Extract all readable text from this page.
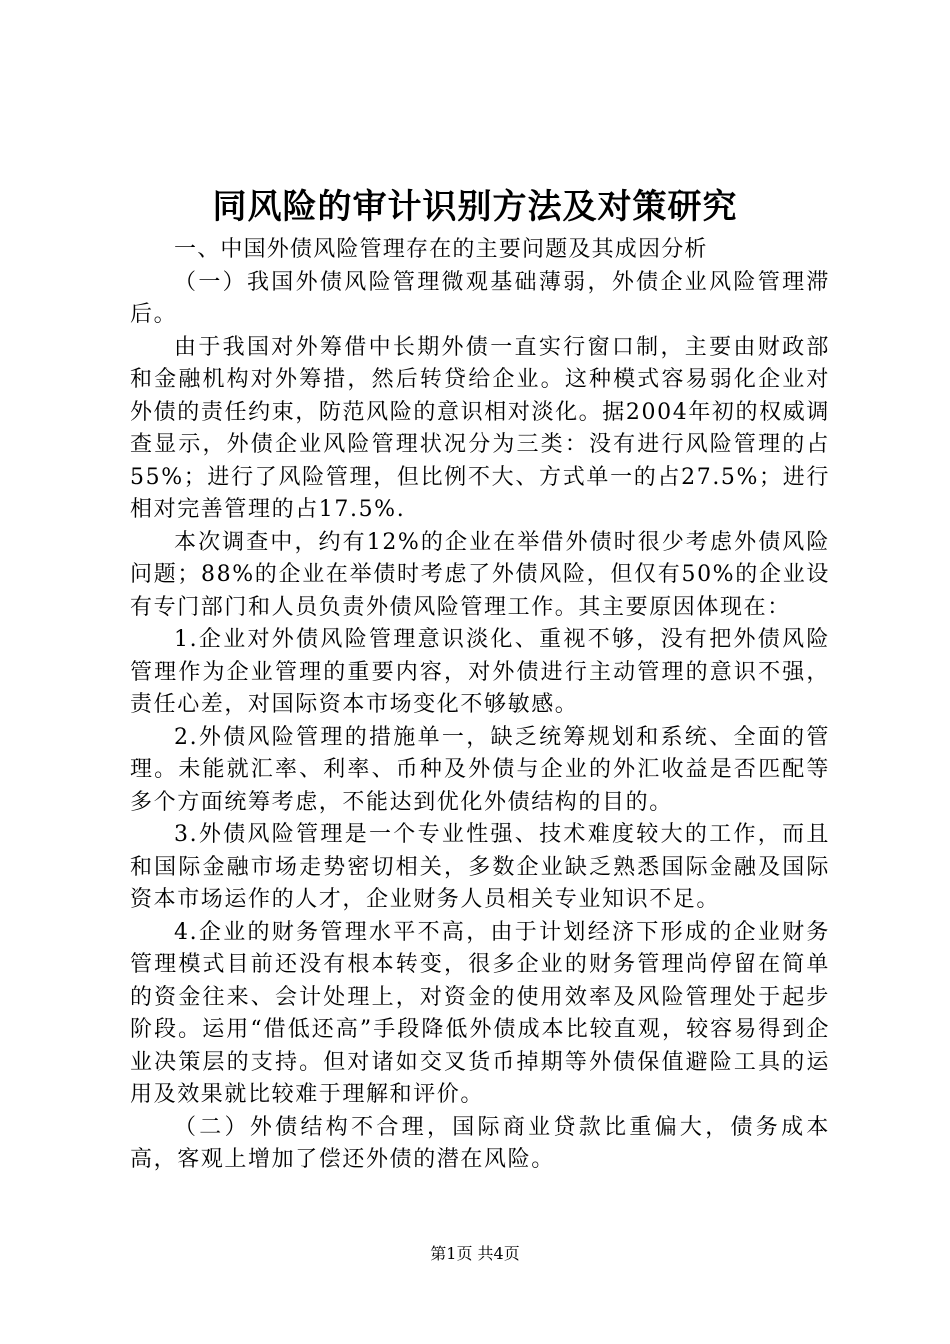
同风险的审计识别方法及对策研究

一、中国外债风险管理存在的主要问题及其成因分析

（一）我国外债风险管理微观基础薄弱，外债企业风险管理滞后。

由于我国对外筹借中长期外债一直实行窗口制，主要由财政部和金融机构对外筹措，然后转贷给企业。这种模式容易弱化企业对外债的责任约束，防范风险的意识相对淡化。据2004年初的权威调查显示，外债企业风险管理状况分为三类：没有进行风险管理的占55%；进行了风险管理，但比例不大、方式单一的占27.5%；进行相对完善管理的占17.5%.

本次调查中，约有12%的企业在举借外债时很少考虑外债风险问题；88%的企业在举债时考虑了外债风险，但仅有50%的企业设有专门部门和人员负责外债风险管理工作。其主要原因体现在：

1.企业对外债风险管理意识淡化、重视不够，没有把外债风险管理作为企业管理的重要内容，对外债进行主动管理的意识不强，责任心差，对国际资本市场变化不够敏感。

2.外债风险管理的措施单一，缺乏统筹规划和系统、全面的管理。未能就汇率、利率、币种及外债与企业的外汇收益是否匹配等多个方面统筹考虑，不能达到优化外债结构的目的。

3.外债风险管理是一个专业性强、技术难度较大的工作，而且和国际金融市场走势密切相关，多数企业缺乏熟悉国际金融及国际资本市场运作的人才，企业财务人员相关专业知识不足。

4.企业的财务管理水平不高，由于计划经济下形成的企业财务管理模式目前还没有根本转变，很多企业的财务管理尚停留在简单的资金往来、会计处理上，对资金的使用效率及风险管理处于起步阶段。运用“借低还高”手段降低外债成本比较直观，较容易得到企业决策层的支持。但对诸如交叉货币掉期等外债保值避险工具的运用及效果就比较难于理解和评价。

（二）外债结构不合理，国际商业贷款比重偏大，债务成本高，客观上增加了偿还外债的潜在风险。

第1页 共4页
